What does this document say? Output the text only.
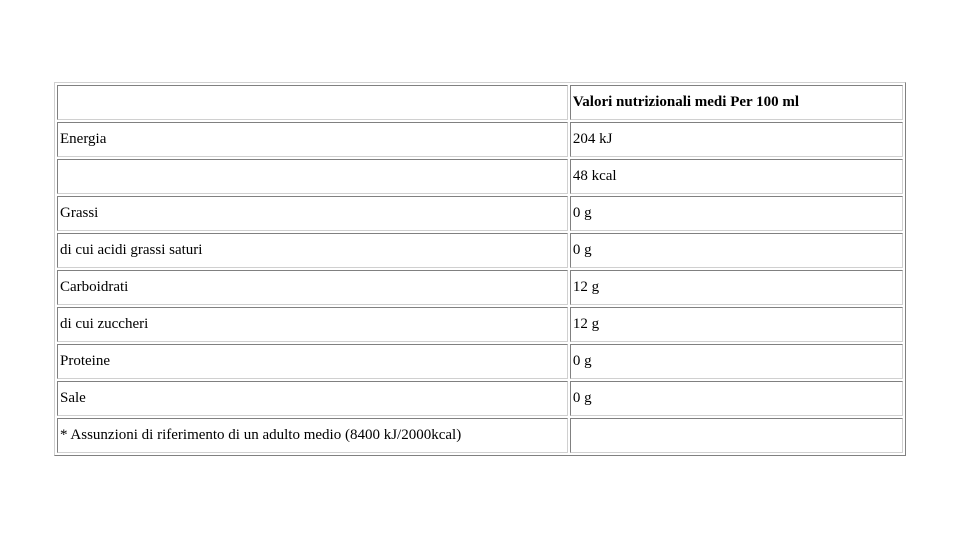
	Valori nutrizionali medi Per 100 ml
Energia	204 kJ
	48 kcal
Grassi	0 g
di cui acidi grassi saturi	0 g
Carboidrati	12 g
di cui zuccheri	12 g
Proteine	0 g
Sale	0 g
* Assunzioni di riferimento di un adulto medio (8400 kJ/2000kcal)	
